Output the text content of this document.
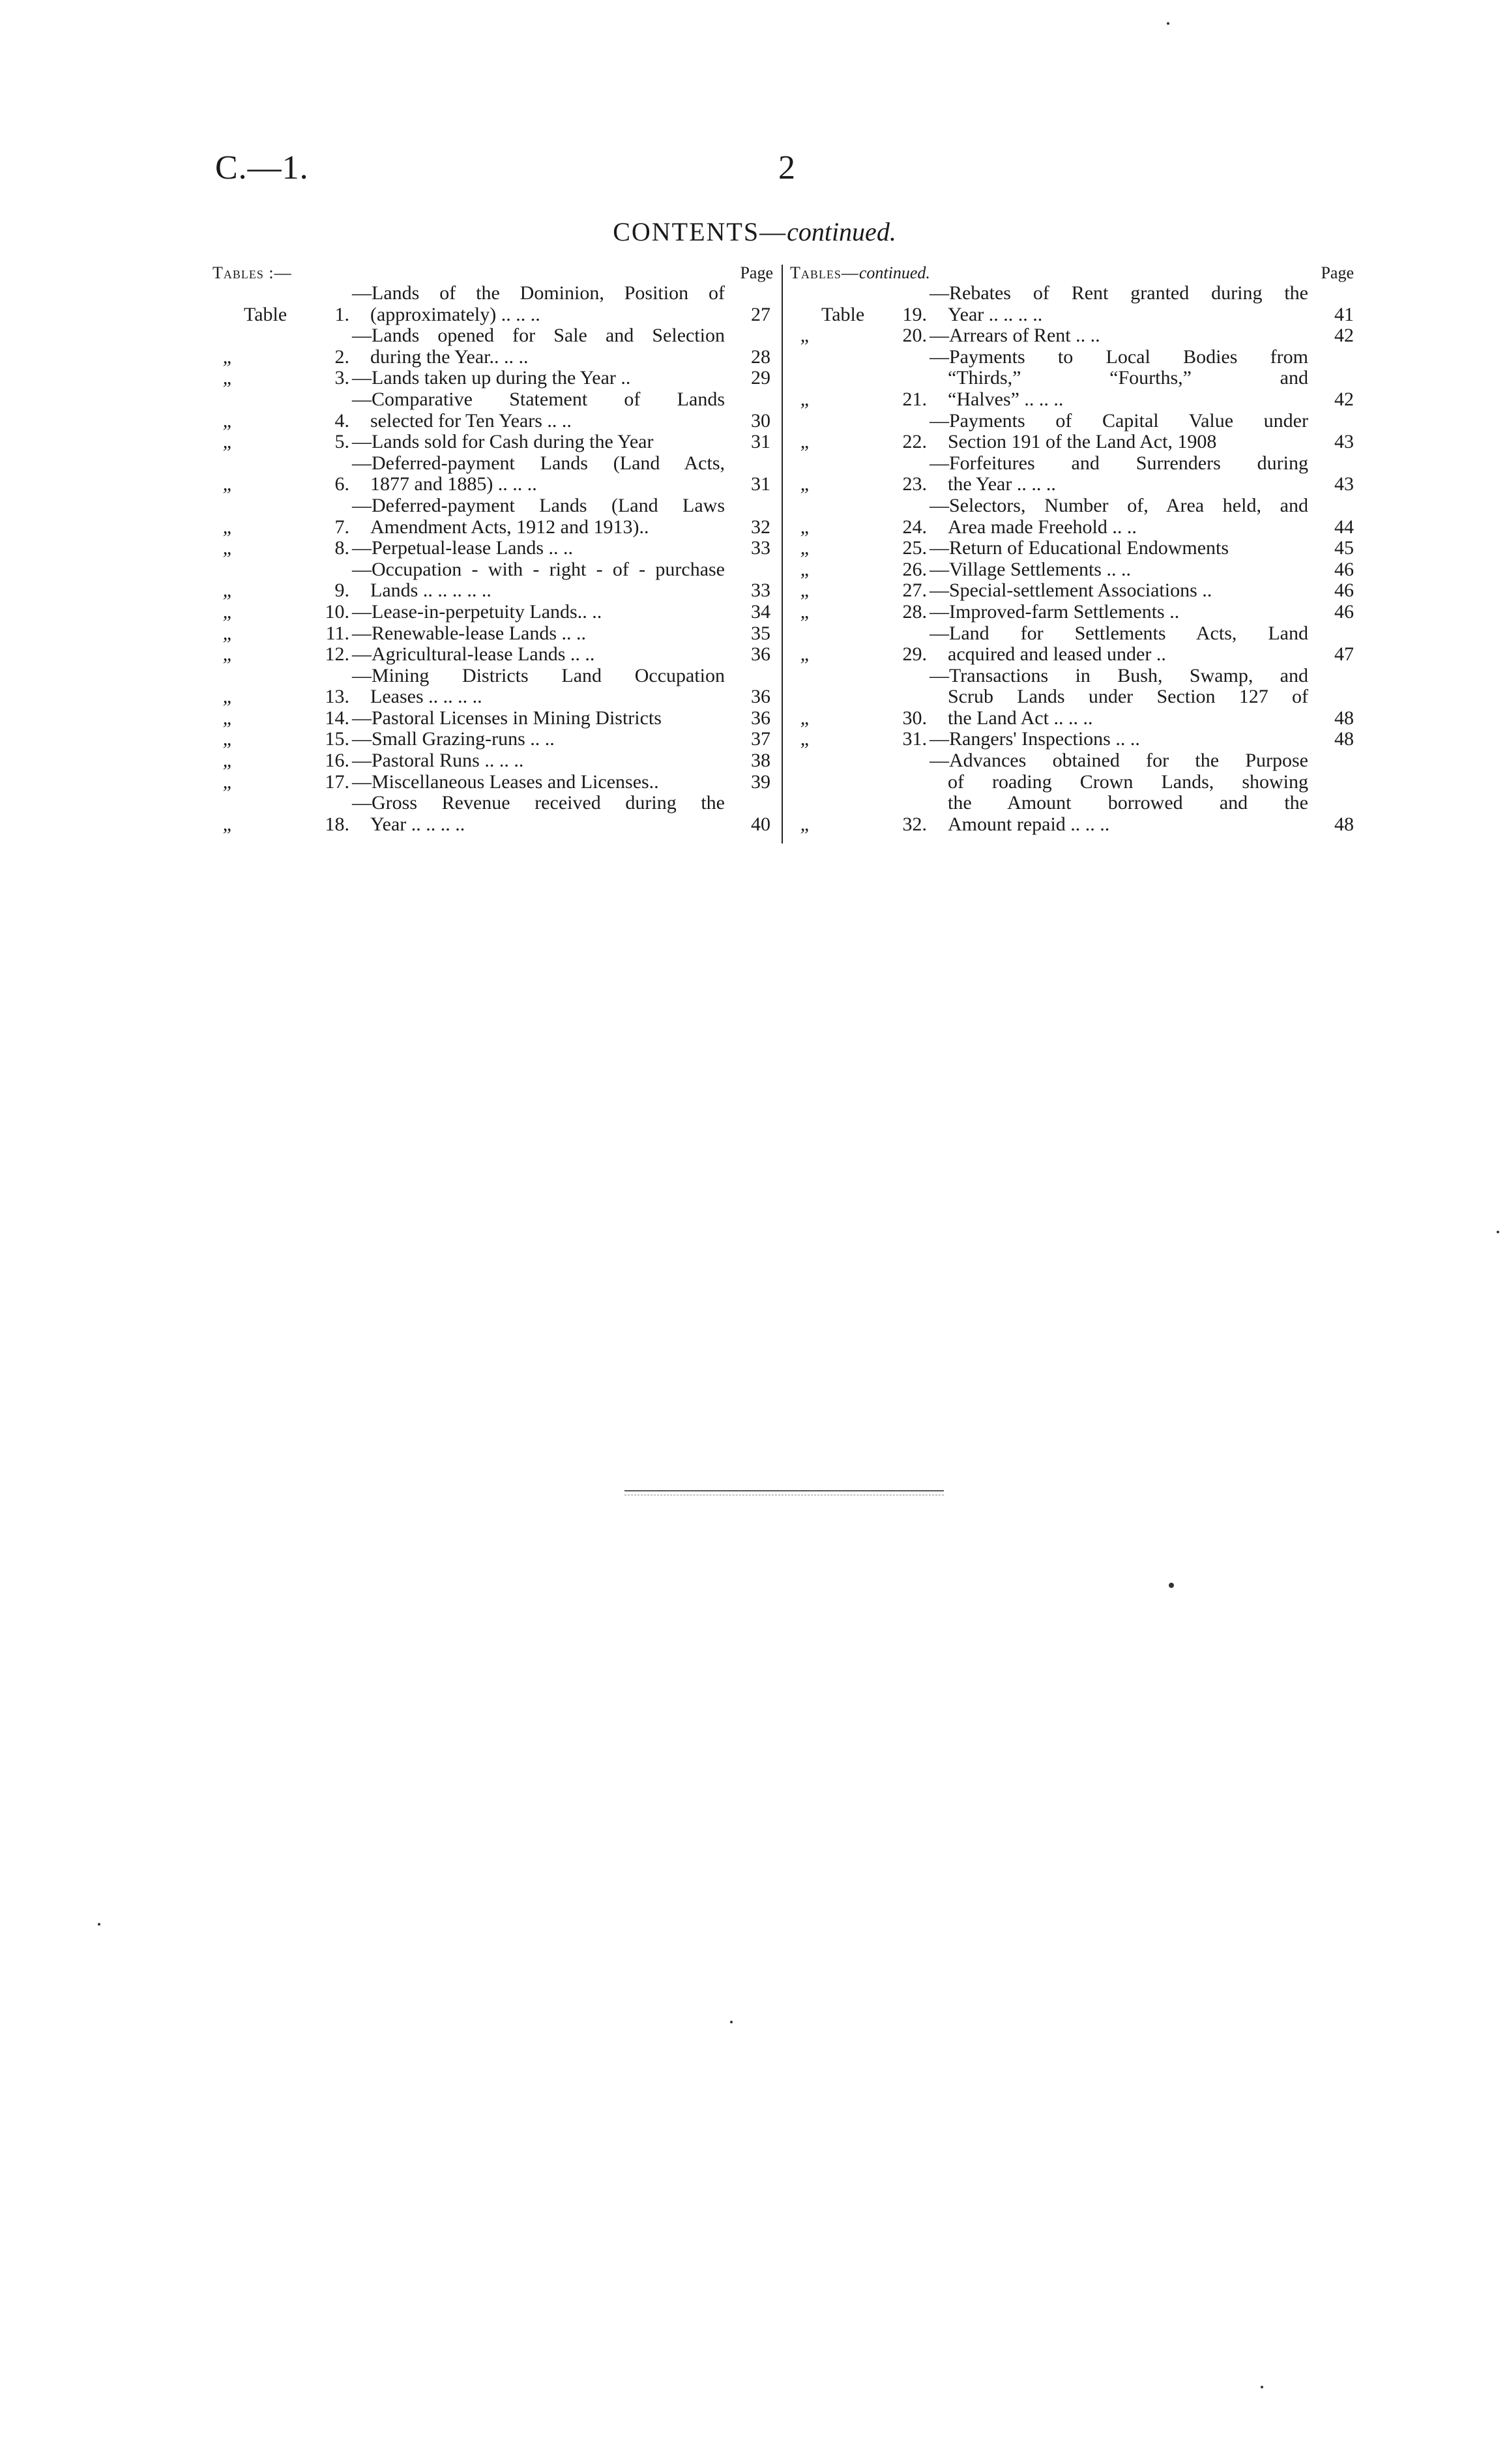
C.—1.	2
CONTENTS—continued.
Tables :—	Page
Table	1.
—Lands of the Dominion, Position of
(approximately) .. .. ..	27
„	2.
—Lands opened for Sale and Selection
during the Year.. .. ..	28
„	3. —Lands taken up during the Year ..	29
„	4.
—Comparative Statement of Lands
selected for Ten Years .. ..	30
„	5. —Lands sold for Cash during the Year	31
„	6.
—Deferred-payment Lands (Land Acts,
1877 and 1885) .. .. ..	31
„	7.
—Deferred-payment Lands (Land Laws
Amendment Acts, 1912 and 1913)..	32
„	8. —Perpetual-lease Lands .. ..	33
„	9.
—Occupation - with - right - of - purchase
Lands .. .. .. .. ..	33
„	10. —Lease-in-perpetuity Lands.. ..	34
„	11. —Renewable-lease Lands .. ..	35
„	12. —Agricultural-lease Lands .. ..	36
„	13.
—Mining Districts Land Occupation
Leases .. .. .. ..	36
„	14. —Pastoral Licenses in Mining Districts	36
„	15. —Small Grazing-runs .. ..	37
„	16. —Pastoral Runs .. .. ..	38
„	17. —Miscellaneous Leases and Licenses..	39
„	18.
—Gross Revenue received during the
Year .. .. .. ..	40
Tables—continued.	Page
Table	19.
—Rebates of Rent granted during the
Year .. .. .. ..	41
„	20. —Arrears of Rent .. ..	42
„	21.
—Payments to Local Bodies from
“Thirds,” “Fourths,” and
“Halves” .. .. ..	42
„	22.
—Payments of Capital Value under
Section 191 of the Land Act, 1908	43
„	23.
—Forfeitures and Surrenders during
the Year .. .. ..	43
„	24.
—Selectors, Number of, Area held, and
Area made Freehold .. ..	44
„	25. —Return of Educational Endowments	45
„	26. —Village Settlements .. ..	46
„	27. —Special-settlement Associations ..	46
„	28. —Improved-farm Settlements ..	46
„	29.
—Land for Settlements Acts, Land
acquired and leased under ..	47
„	30.
—Transactions in Bush, Swamp, and
Scrub Lands under Section 127 of
the Land Act .. .. ..	48
„	31. —Rangers' Inspections .. ..	48
„	32.
—Advances obtained for the Purpose
of roading Crown Lands, showing
the Amount borrowed and the
Amount repaid .. .. ..	48
